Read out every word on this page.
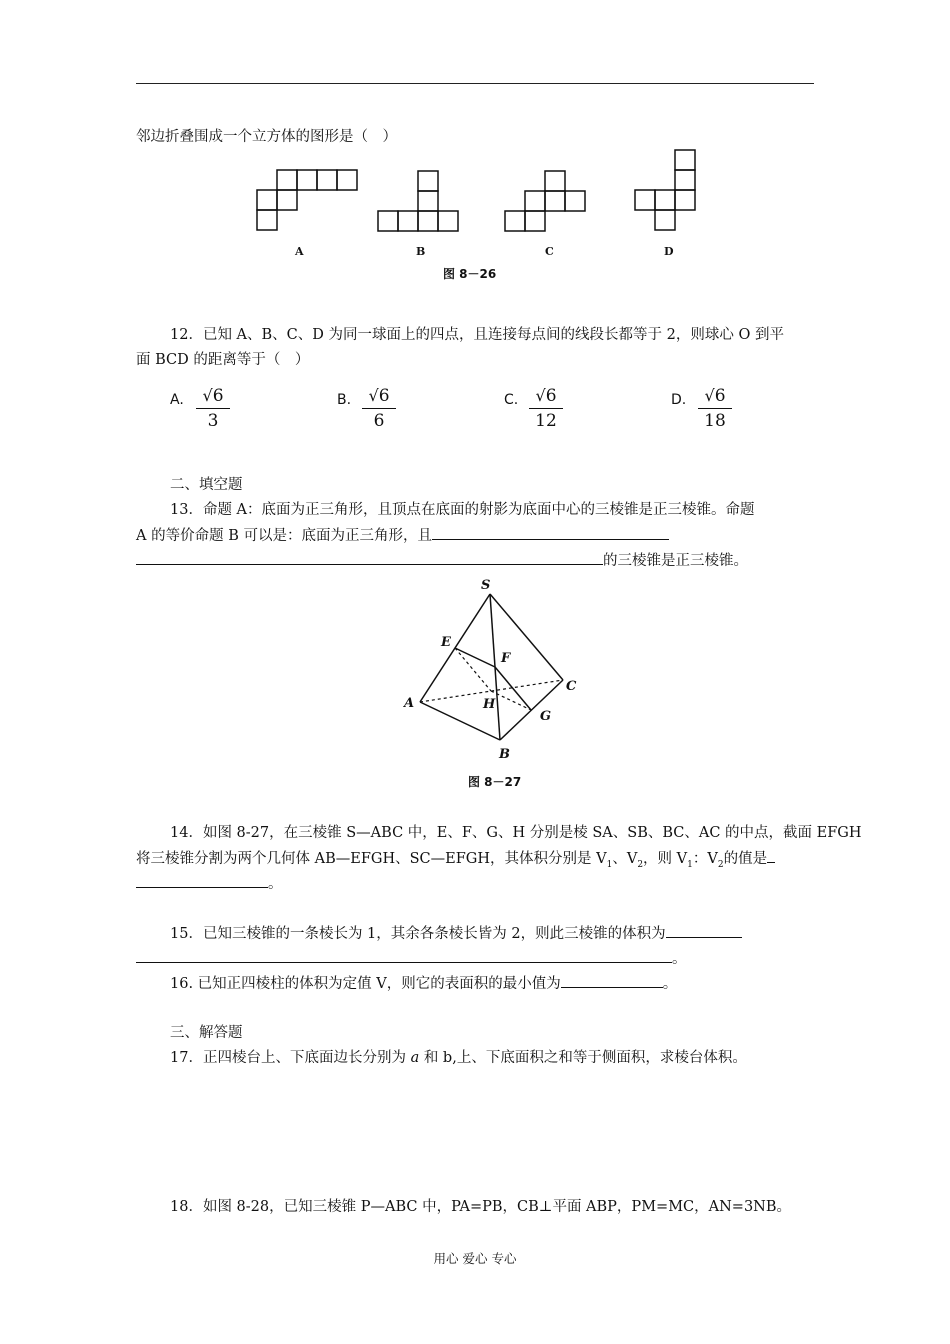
邻边折叠围成一个立方体的图形是（　）
A	B	C	D
图 8－26
12．已知 A、B、C、D 为同一球面上的四点，且连接每点间的线段长都等于 2，则球心 O 到平
面 BCD 的距离等于（　）
A. $\frac{√6}{3}$	B. $\frac{√6}{6}$	C. $\frac{√6}{12}$	D. $\frac{√6}{18}$
二、填空题
13．命题 A：底面为正三角形，且顶点在底面的射影为底面中心的三棱锥是正三棱锥。命题
A 的等价命题 B 可以是：底面为正三角形，且
的三棱锥是正三棱锥。
S
E
F
A	H
C
G
B
图 8－27
14．如图 8-27，在三棱锥 S—ABC 中，E、F、G、H 分别是棱 SA、SB、BC、AC 的中点，截面 EFGH
将三棱锥分割为两个几何体 AB—EFGH、SC—EFGH，其体积分别是 $V_1$、$V_2$，则 $V_1$：$V_2$的值是
。
15．已知三棱锥的一条棱长为 1，其余各条棱长皆为 2，则此三棱锥的体积为
。
16. 已知正四棱柱的体积为定值 V，则它的表面积的最小值为	。
三、解答题
17．正四棱台上、下底面边长分别为 a 和 b,上、下底面积之和等于侧面积，求棱台体积。
18．如图 8-28，已知三棱锥 P—ABC 中，PA=PB，CB⊥平面 ABP，PM=MC，AN=3NB。
用心 爱心 专心
